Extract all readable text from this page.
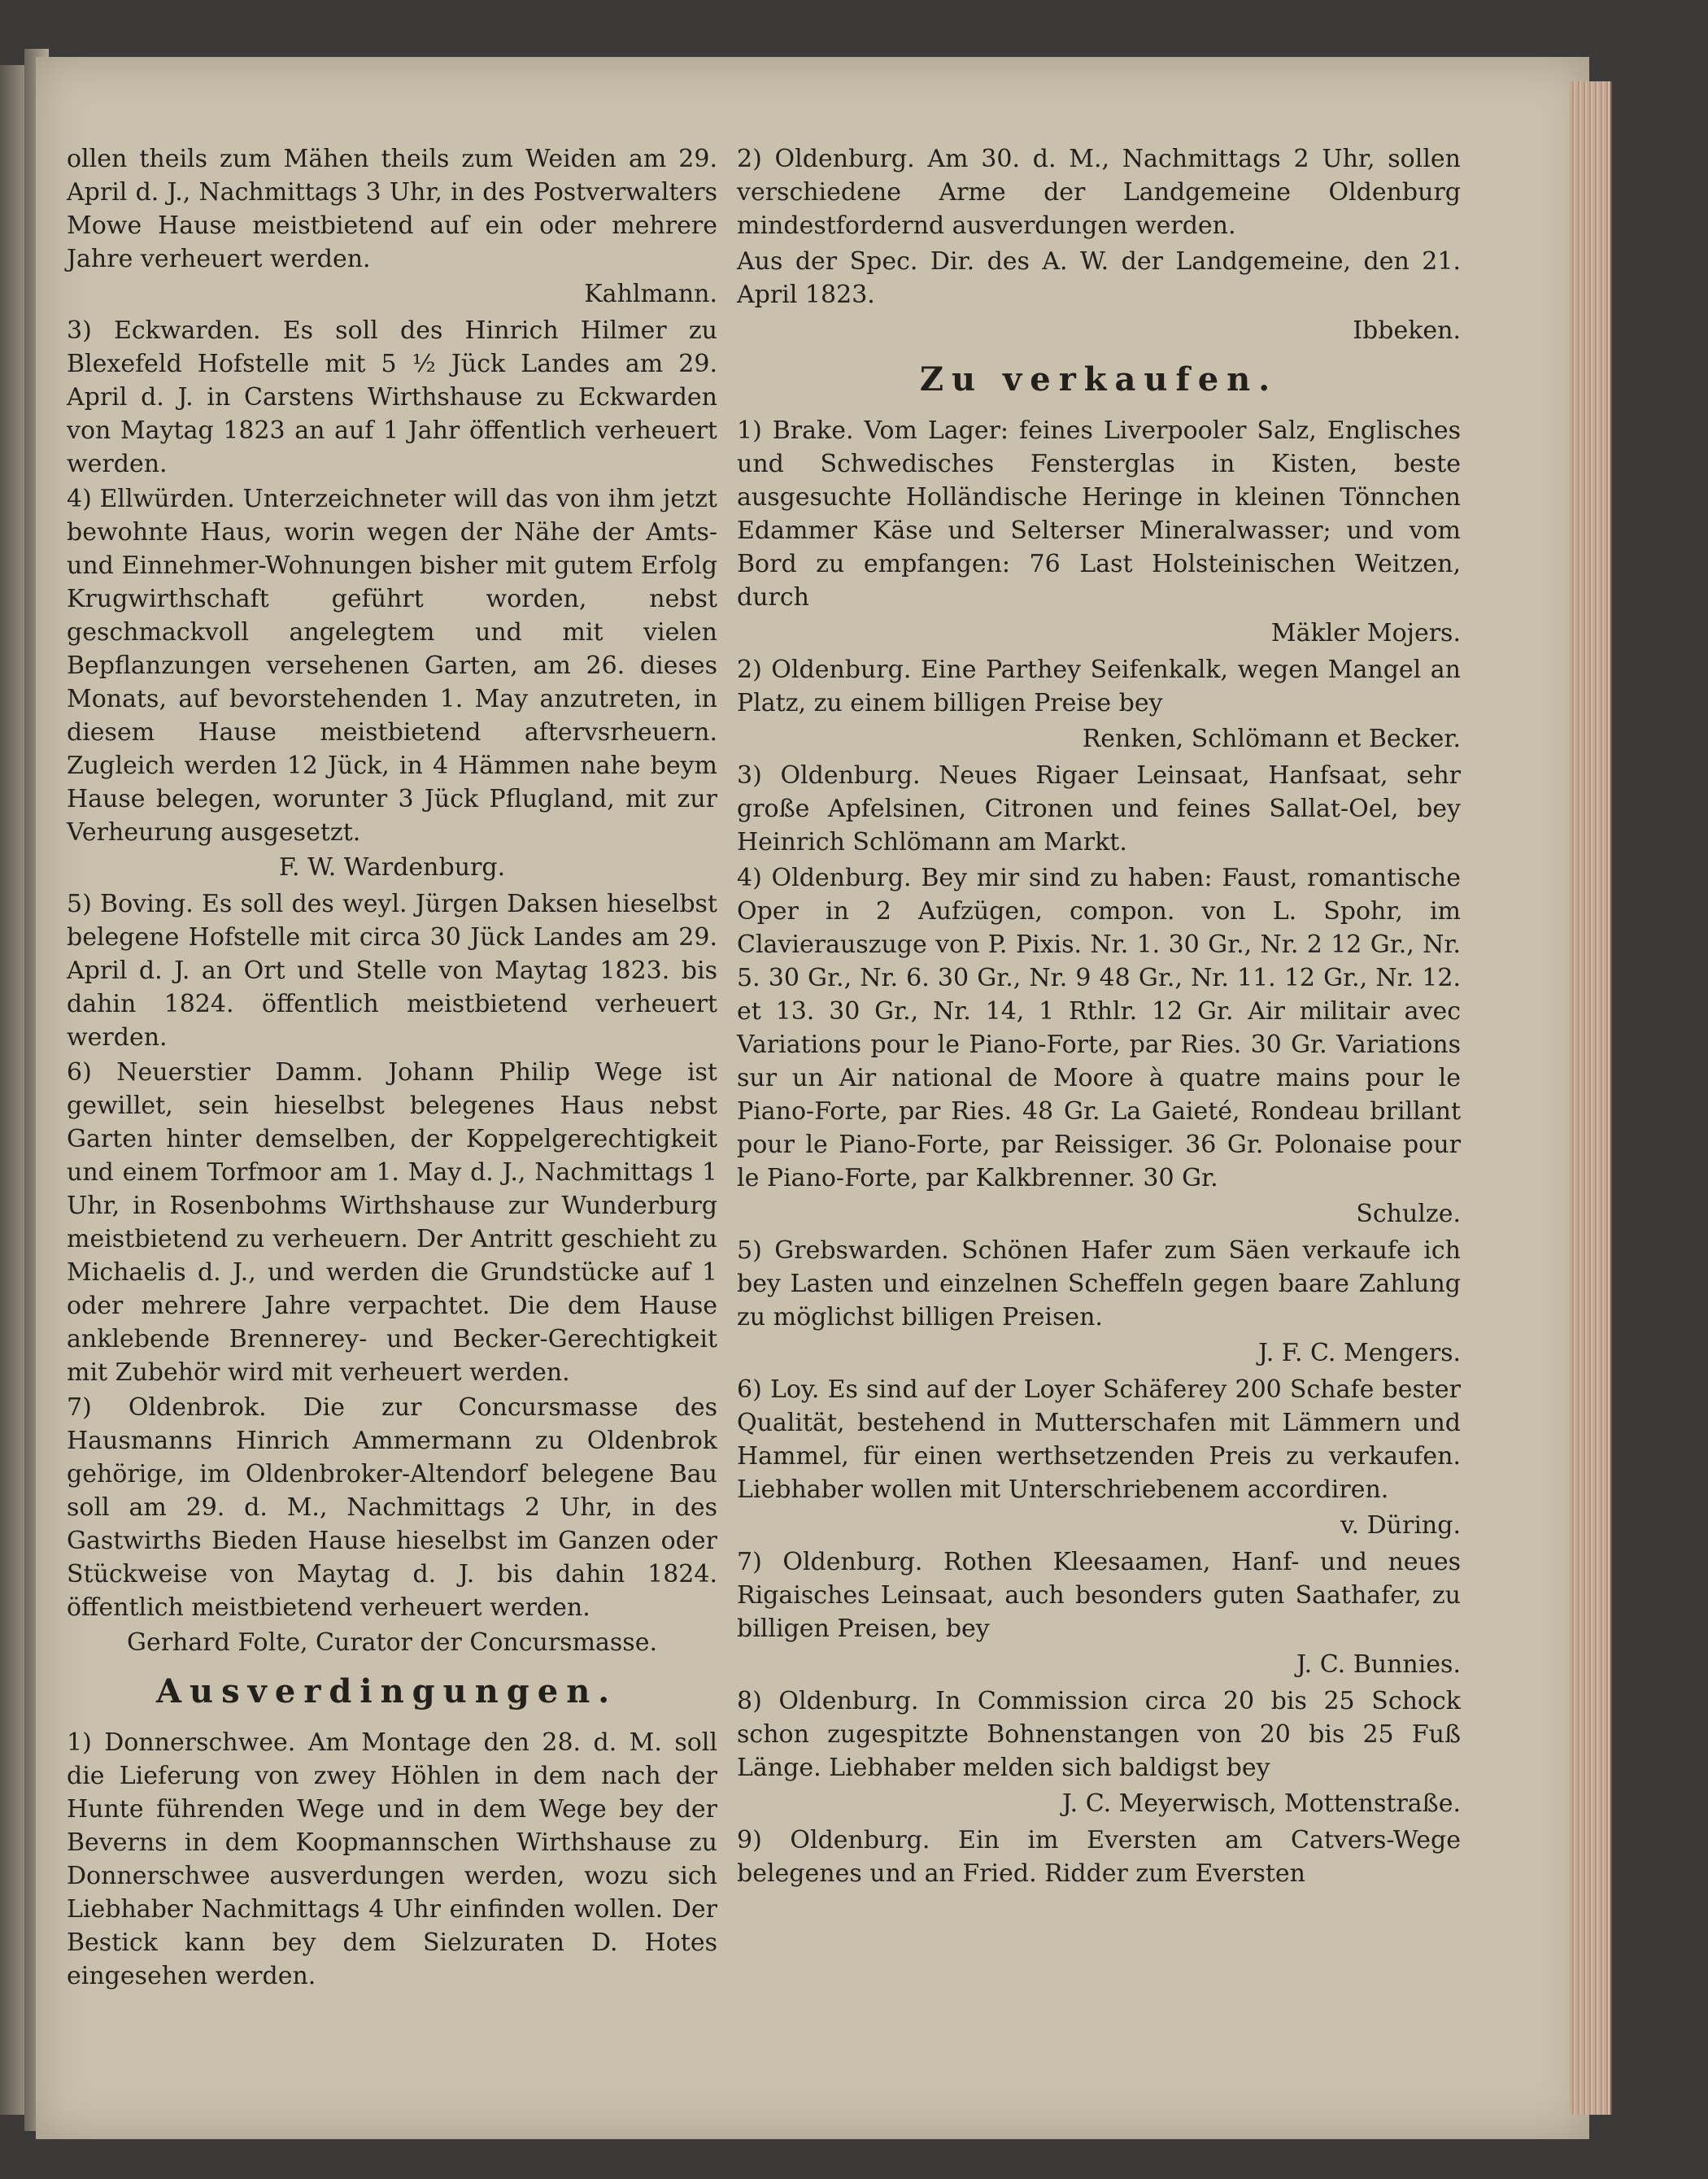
ollen theils zum Mähen theils zum Weiden am 29. April d. J., Nachmittags 3 Uhr, in des Postverwalters Mowe Hause meistbietend auf ein oder mehrere Jahre verheuert werden.

Kahlmann.

3) Eckwarden. Es soll des Hinrich Hilmer zu Blexefeld Hofstelle mit 5 ½ Jück Landes am 29. April d. J. in Carstens Wirthshause zu Eckwarden von Maytag 1823 an auf 1 Jahr öffentlich verheuert werden.

4) Ellwürden. Unterzeichneter will das von ihm jetzt bewohnte Haus, worin wegen der Nähe der Amts- und Einnehmer-Wohnungen bisher mit gutem Erfolg Krugwirthschaft geführt worden, nebst geschmackvoll angelegtem und mit vielen Bepflanzungen versehenen Garten, am 26. dieses Monats, auf bevorstehenden 1. May anzutreten, in diesem Hause meistbietend aftervsrheuern. Zugleich werden 12 Jück, in 4 Hämmen nahe beym Hause belegen, worunter 3 Jück Pflugland, mit zur Verheurung ausgesetzt.

F. W. Wardenburg.

5) Boving. Es soll des weyl. Jürgen Daksen hieselbst belegene Hofstelle mit circa 30 Jück Landes am 29. April d. J. an Ort und Stelle von Maytag 1823. bis dahin 1824. öffentlich meistbietend verheuert werden.

6) Neuerstier Damm. Johann Philip Wege ist gewillet, sein hieselbst belegenes Haus nebst Garten hinter demselben, der Koppelgerechtigkeit und einem Torfmoor am 1. May d. J., Nachmittags 1 Uhr, in Rosenbohms Wirthshause zur Wunderburg meistbietend zu verheuern. Der Antritt geschieht zu Michaelis d. J., und werden die Grundstücke auf 1 oder mehrere Jahre verpachtet. Die dem Hause anklebende Brennerey- und Becker-Gerechtigkeit mit Zubehör wird mit verheuert werden.

7) Oldenbrok. Die zur Concursmasse des Hausmanns Hinrich Ammermann zu Oldenbrok gehörige, im Oldenbroker-Altendorf belegene Bau soll am 29. d. M., Nachmittags 2 Uhr, in des Gastwirths Bieden Hause hieselbst im Ganzen oder Stückweise von Maytag d. J. bis dahin 1824. öffentlich meistbietend verheuert werden.

Gerhard Folte, Curator der Concursmasse.

Ausverdingungen.

1) Donnerschwee. Am Montage den 28. d. M. soll die Lieferung von zwey Höhlen in dem nach der Hunte führenden Wege und in dem Wege bey der Beverns in dem Koopmannschen Wirthshause zu Donnerschwee ausverdungen werden, wozu sich Liebhaber Nachmittags 4 Uhr einfinden wollen. Der Bestick kann bey dem Sielzuraten D. Hotes eingesehen werden.

2) Oldenburg. Am 30. d. M., Nachmittags 2 Uhr, sollen verschiedene Arme der Landgemeine Oldenburg mindestfordernd ausverdungen werden.

Aus der Spec. Dir. des A. W. der Landgemeine, den 21. April 1823.

Ibbeken.

Zu verkaufen.

1) Brake. Vom Lager: feines Liverpooler Salz, Englisches und Schwedisches Fensterglas in Kisten, beste ausgesuchte Holländische Heringe in kleinen Tönnchen Edammer Käse und Selterser Mineralwasser; und vom Bord zu empfangen: 76 Last Holsteinischen Weitzen, durch

Mäkler Mojers.

2) Oldenburg. Eine Parthey Seifenkalk, wegen Mangel an Platz, zu einem billigen Preise bey

Renken, Schlömann et Becker.

3) Oldenburg. Neues Rigaer Leinsaat, Hanfsaat, sehr große Apfelsinen, Citronen und feines Sallat-Oel, bey Heinrich Schlömann am Markt.

4) Oldenburg. Bey mir sind zu haben: Faust, romantische Oper in 2 Aufzügen, compon. von L. Spohr, im Clavierauszuge von P. Pixis. Nr. 1. 30 Gr., Nr. 2 12 Gr., Nr. 5. 30 Gr., Nr. 6. 30 Gr., Nr. 9 48 Gr., Nr. 11. 12 Gr., Nr. 12. et 13. 30 Gr., Nr. 14, 1 Rthlr. 12 Gr. Air militair avec Variations pour le Piano-Forte, par Ries. 30 Gr. Variations sur un Air national de Moore à quatre mains pour le Piano-Forte, par Ries. 48 Gr. La Gaieté, Rondeau brillant pour le Piano-Forte, par Reissiger. 36 Gr. Polonaise pour le Piano-Forte, par Kalkbrenner. 30 Gr.

Schulze.

5) Grebswarden. Schönen Hafer zum Säen verkaufe ich bey Lasten und einzelnen Scheffeln gegen baare Zahlung zu möglichst billigen Preisen.

J. F. C. Mengers.

6) Loy. Es sind auf der Loyer Schäferey 200 Schafe bester Qualität, bestehend in Mutterschafen mit Lämmern und Hammel, für einen werthsetzenden Preis zu verkaufen. Liebhaber wollen mit Unterschriebenem accordiren.

v. Düring.

7) Oldenburg. Rothen Kleesaamen, Hanf- und neues Rigaisches Leinsaat, auch besonders guten Saathafer, zu billigen Preisen, bey

J. C. Bunnies.

8) Oldenburg. In Commission circa 20 bis 25 Schock schon zugespitzte Bohnenstangen von 20 bis 25 Fuß Länge. Liebhaber melden sich baldigst bey

J. C. Meyerwisch, Mottenstraße.

9) Oldenburg. Ein im Eversten am Catvers-Wege belegenes und an Fried. Ridder zum Eversten
